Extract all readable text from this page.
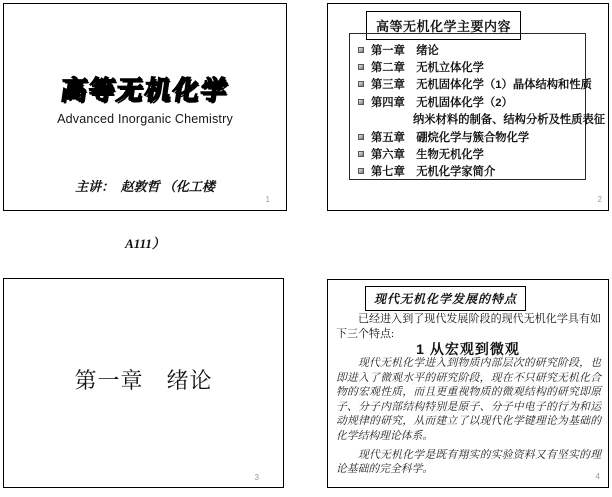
高等无机化学
Advanced Inorganic Chemistry

主讲：  赵敦哲 （化工楼

A111）

1
高等无机化学主要内容
第一章　绪论
第二章　无机立体化学
第三章　无机固体化学（1）晶体结构和性质
第四章　无机固体化学（2）
纳米材料的制备、结构分析及性质表征
第五章　硼烷化学与簇合物化学
第六章　生物无机化学
第七章　无机化学家简介
2
第一章　绪论
3
现代无机化学发展的特点
已经进入到了现代发展阶段的现代无机化学具有如下三个特点:
1 从宏观到微观
现代无机化学进入到物质内部层次的研究阶段，也即进入了微观水平的研究阶段，现在不只研究无机化合物的宏观性质，而且更重视物质的微观结构的研究即原子、分子内部结构特别是原子、分子中电子的行为和运动规律的研究，从而建立了以现代化学键理论为基础的化学结构理论体系。
现代无机化学是既有翔实的实验资料又有坚实的理论基础的完全科学。
4
